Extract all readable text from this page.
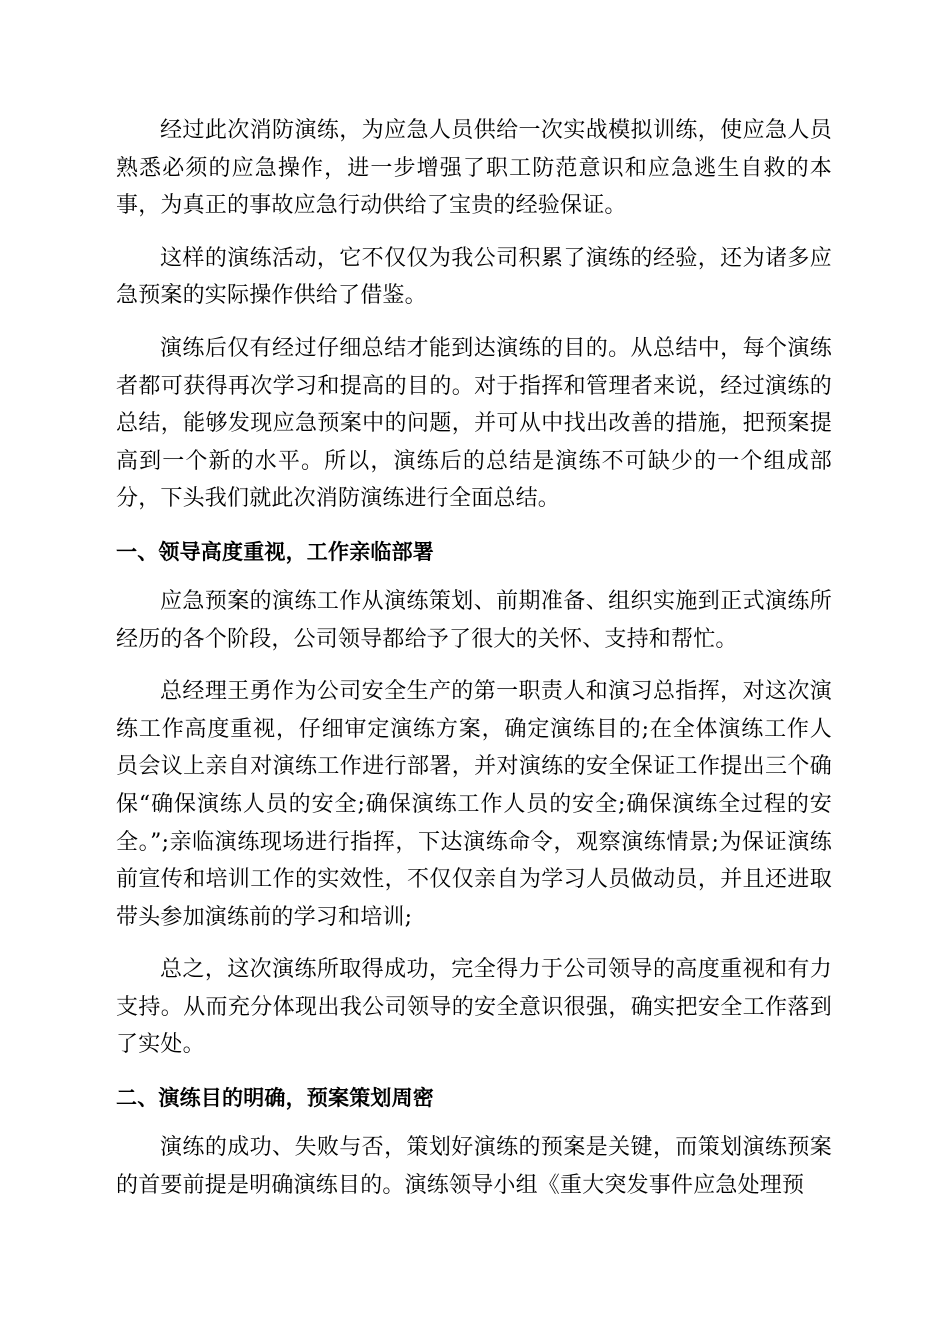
经过此次消防演练，为应急人员供给一次实战模拟训练，使应急人员熟悉必须的应急操作，进一步增强了职工防范意识和应急逃生自救的本事，为真正的事故应急行动供给了宝贵的经验保证。

这样的演练活动，它不仅仅为我公司积累了演练的经验，还为诸多应急预案的实际操作供给了借鉴。

演练后仅有经过仔细总结才能到达演练的目的。从总结中，每个演练者都可获得再次学习和提高的目的。对于指挥和管理者来说，经过演练的总结，能够发现应急预案中的问题，并可从中找出改善的措施，把预案提高到一个新的水平。所以，演练后的总结是演练不可缺少的一个组成部分，下头我们就此次消防演练进行全面总结。

一、领导高度重视，工作亲临部署

应急预案的演练工作从演练策划、前期准备、组织实施到正式演练所经历的各个阶段，公司领导都给予了很大的关怀、支持和帮忙。

总经理王勇作为公司安全生产的第一职责人和演习总指挥，对这次演练工作高度重视，仔细审定演练方案，确定演练目的;在全体演练工作人员会议上亲自对演练工作进行部署，并对演练的安全保证工作提出三个确保“确保演练人员的安全;确保演练工作人员的安全;确保演练全过程的安全。”;亲临演练现场进行指挥，下达演练命令，观察演练情景;为保证演练前宣传和培训工作的实效性，不仅仅亲自为学习人员做动员，并且还进取带头参加演练前的学习和培训;

总之，这次演练所取得成功，完全得力于公司领导的高度重视和有力支持。从而充分体现出我公司领导的安全意识很强，确实把安全工作落到了实处。

二、演练目的明确，预案策划周密

演练的成功、失败与否，策划好演练的预案是关键，而策划演练预案的首要前提是明确演练目的。演练领导小组《重大突发事件应急处理预
